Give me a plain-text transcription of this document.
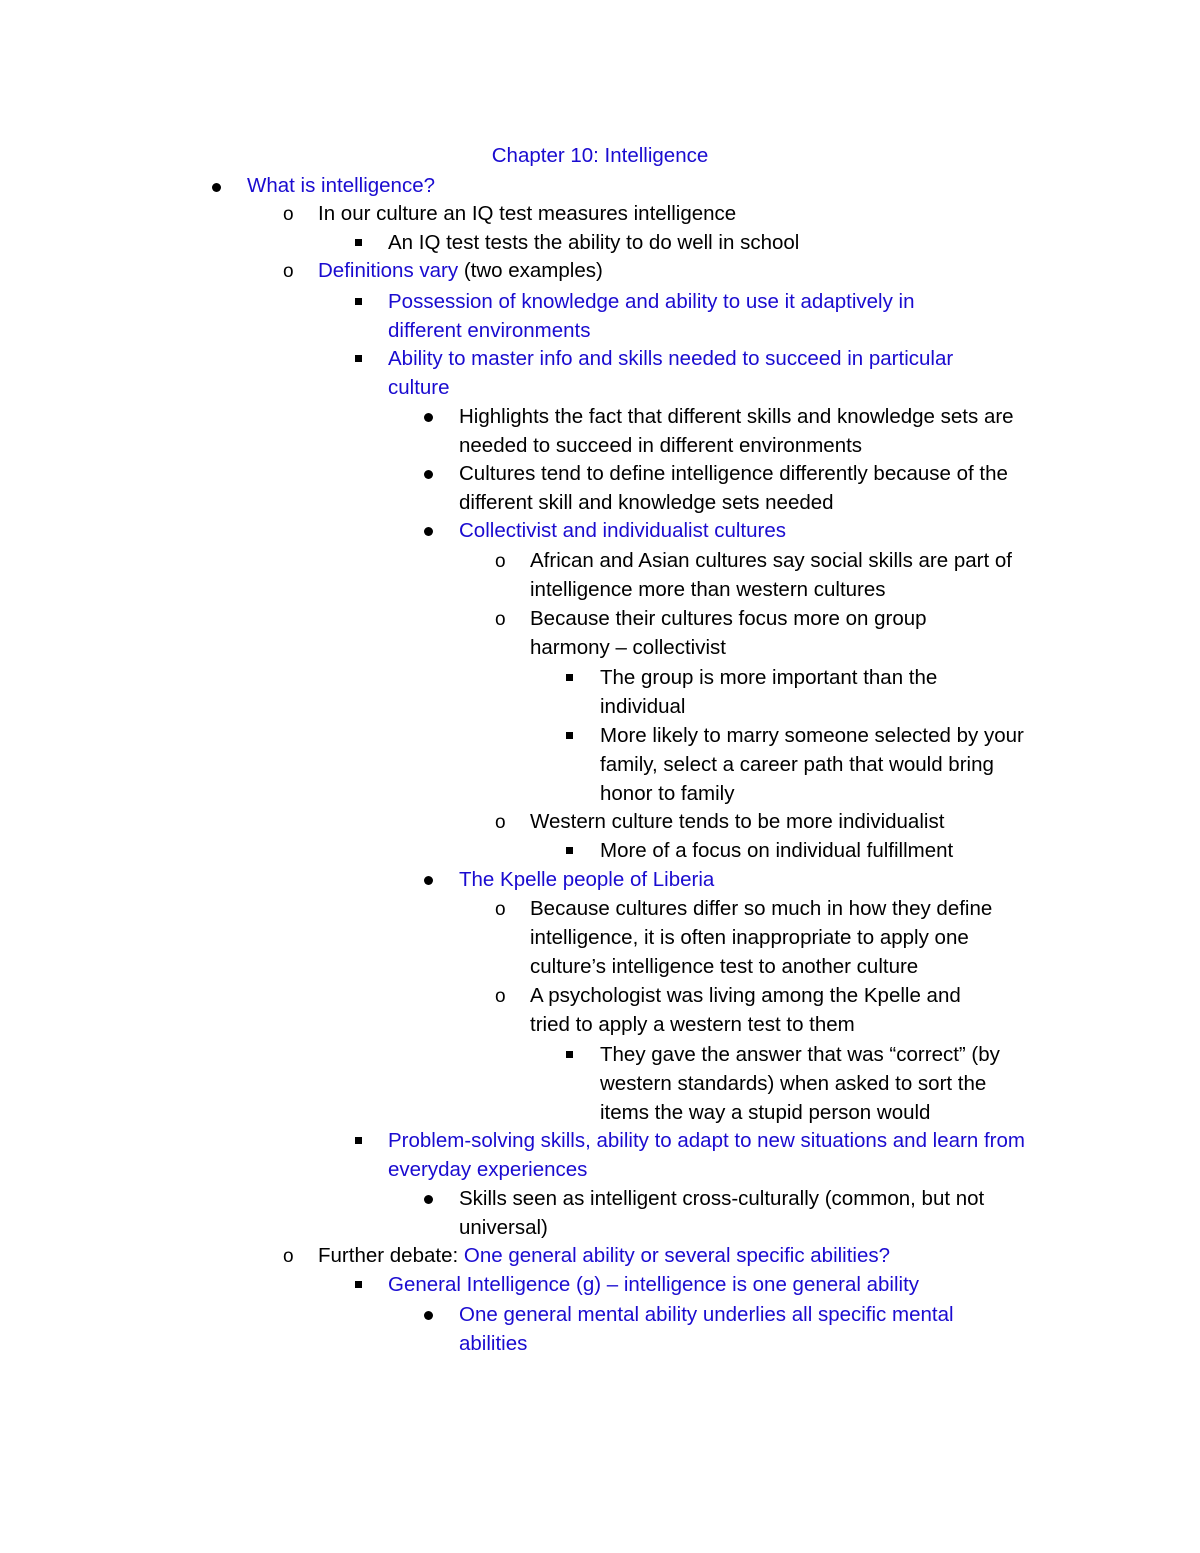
Chapter 10: Intelligence
What is intelligence?
o In our culture an IQ test measures intelligence
An IQ test tests the ability to do well in school
o Definitions vary (two examples)
Possession of knowledge and ability to use it adaptively in different environments
Ability to master info and skills needed to succeed in particular culture
Highlights the fact that different skills and knowledge sets are needed to succeed in different environments
Cultures tend to define intelligence differently because of the different skill and knowledge sets needed
Collectivist and individualist cultures
o African and Asian cultures say social skills are part of intelligence more than western cultures
o Because their cultures focus more on group harmony – collectivist
The group is more important than the individual
More likely to marry someone selected by your family, select a career path that would bring honor to family
o Western culture tends to be more individualist
More of a focus on individual fulfillment
The Kpelle people of Liberia
o Because cultures differ so much in how they define intelligence, it is often inappropriate to apply one culture’s intelligence test to another culture
o A psychologist was living among the Kpelle and tried to apply a western test to them
They gave the answer that was “correct” (by western standards) when asked to sort the items the way a stupid person would
Problem-solving skills, ability to adapt to new situations and learn from everyday experiences
Skills seen as intelligent cross-culturally (common, but not universal)
o Further debate: One general ability or several specific abilities?
General Intelligence (g) – intelligence is one general ability
One general mental ability underlies all specific mental abilities
